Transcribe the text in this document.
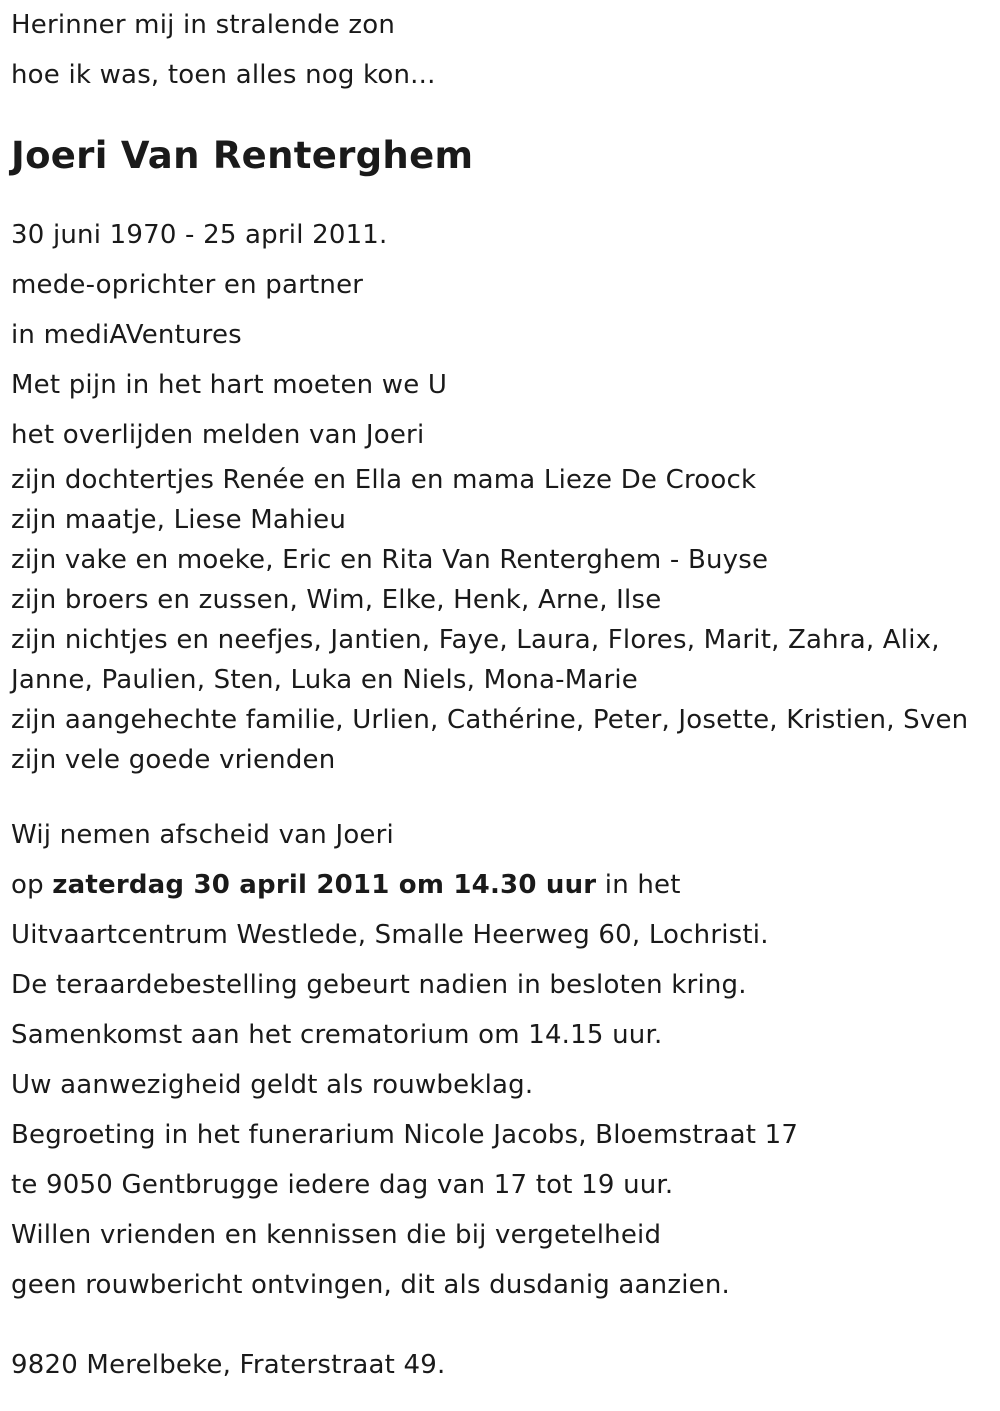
Herinner mij in stralende zon
hoe ik was, toen alles nog kon...
Joeri Van Renterghem
30 juni 1970 - 25 april 2011.
mede-oprichter en partner
in mediAVentures
Met pijn in het hart moeten we U
het overlijden melden van Joeri
zijn dochtertjes Renée en Ella en mama Lieze De Croock
zijn maatje, Liese Mahieu
zijn vake en moeke, Eric en Rita Van Renterghem - Buyse
zijn broers en zussen, Wim, Elke, Henk, Arne, Ilse
zijn nichtjes en neefjes, Jantien, Faye, Laura, Flores, Marit, Zahra, Alix,
Janne, Paulien, Sten, Luka en Niels, Mona-Marie
zijn aangehechte familie, Urlien, Cathérine, Peter, Josette, Kristien, Sven
zijn vele goede vrienden
Wij nemen afscheid van Joeri
op zaterdag 30 april 2011 om 14.30 uur in het
Uitvaartcentrum Westlede, Smalle Heerweg 60, Lochristi.
De teraardebestelling gebeurt nadien in besloten kring.
Samenkomst aan het crematorium om 14.15 uur.
Uw aanwezigheid geldt als rouwbeklag.
Begroeting in het funerarium Nicole Jacobs, Bloemstraat 17
te 9050 Gentbrugge iedere dag van 17 tot 19 uur.
Willen vrienden en kennissen die bij vergetelheid
geen rouwbericht ontvingen, dit als dusdanig aanzien.
9820 Merelbeke, Fraterstraat 49.
